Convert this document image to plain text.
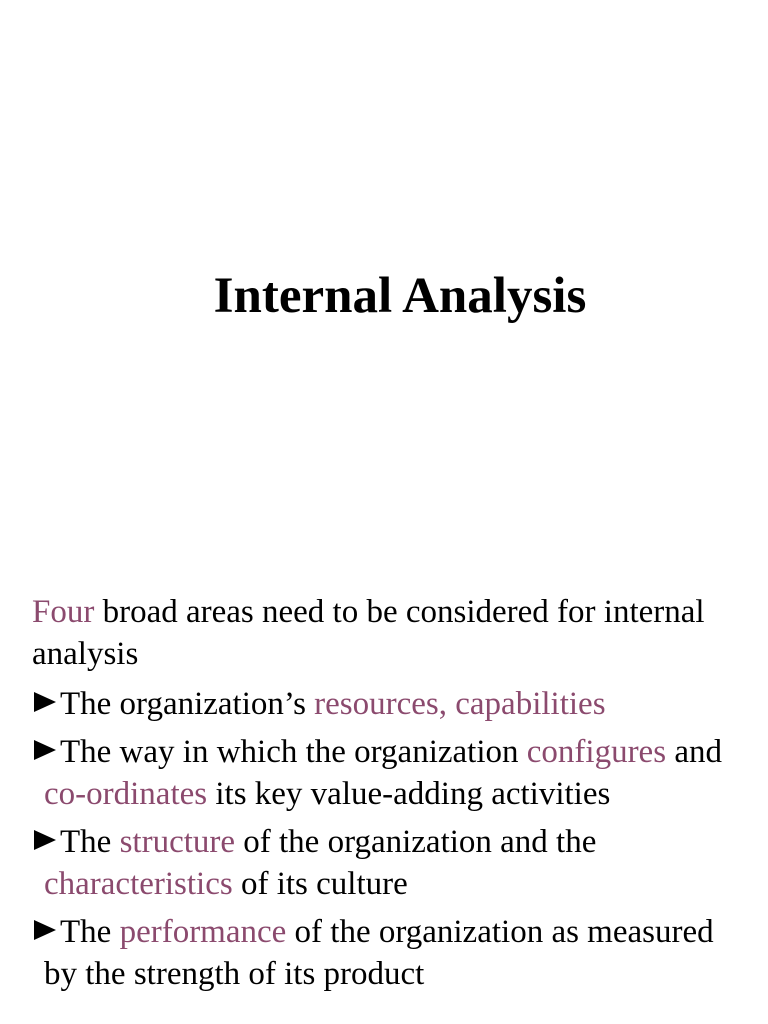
Internal Analysis

Four broad areas need to be considered for internal analysis

The organization’s resources, capabilities

The way in which the organization configures and co-ordinates its key value-adding activities

The structure of the organization and the characteristics of its culture

The performance of the organization as measured by the strength of its product
